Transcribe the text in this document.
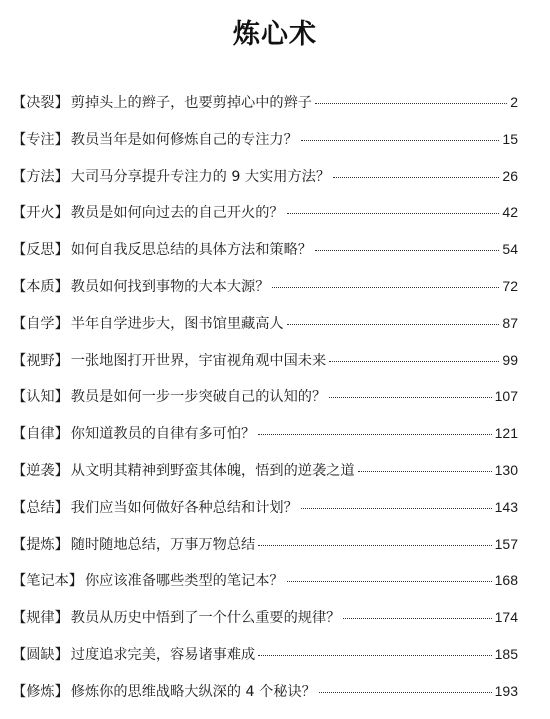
炼心术
【决裂】 剪掉头上的辫子，也要剪掉心中的辫子	2
【专注】 教员当年是如何修炼自己的专注力？	15
【方法】 大司马分享提升专注力的 9 大实用方法？	26
【开火】 教员是如何向过去的自己开火的？	42
【反思】 如何自我反思总结的具体方法和策略？	54
【本质】 教员如何找到事物的大本大源？	72
【自学】 半年自学进步大，图书馆里藏高人	87
【视野】 一张地图打开世界，宇宙视角观中国未来	99
【认知】 教员是如何一步一步突破自己的认知的？	107
【自律】 你知道教员的自律有多可怕？	121
【逆袭】 从文明其精神到野蛮其体魄，悟到的逆袭之道	130
【总结】 我们应当如何做好各种总结和计划？	143
【提炼】 随时随地总结，万事万物总结	157
【笔记本】 你应该准备哪些类型的笔记本？	168
【规律】 教员从历史中悟到了一个什么重要的规律？	174
【圆缺】 过度追求完美，容易诸事难成	185
【修炼】 修炼你的思维战略大纵深的 4 个秘诀？	193
